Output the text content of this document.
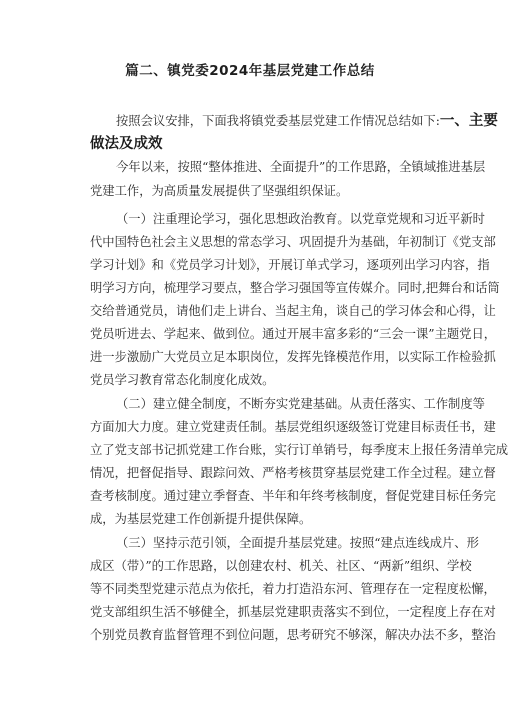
篇二、镇党委2024年基层党建工作总结
按照会议安排，下面我将镇党委基层党建工作情况总结如下:一、主要
做法及成效
今年以来，按照“整体推进、全面提升”的工作思路，全镇域推进基层
党建工作，为高质量发展提供了坚强组织保证。
（一）注重理论学习，强化思想政治教育。以党章党规和习近平新时
代中国特色社会主义思想的常态学习、巩固提升为基础，年初制订《党支部
学习计划》和《党员学习计划》，开展订单式学习，逐项列出学习内容，指
明学习方向，梳理学习要点，整合学习强国等宣传媒介。同时,把舞台和话筒
交给普通党员，请他们走上讲台、当起主角，谈自己的学习体会和心得，让
党员听进去、学起来、做到位。通过开展丰富多彩的“三会一课”主题党日，
进一步激励广大党员立足本职岗位，发挥先锋模范作用，以实际工作检验抓
党员学习教育常态化制度化成效。
（二）建立健全制度，不断夯实党建基础。从责任落实、工作制度等
方面加大力度。建立党建责任制。基层党组织逐级签订党建目标责任书，建
立了党支部书记抓党建工作台账，实行订单销号，每季度末上报任务清单完成
情况，把督促指导、跟踪问效、严格考核贯穿基层党建工作全过程。建立督
查考核制度。通过建立季督查、半年和年终考核制度，督促党建目标任务完
成，为基层党建工作创新提升提供保障。
（三）坚持示范引领，全面提升基层党建。按照“建点连线成片、形
成区（带）”的工作思路，以创建农村、机关、社区、“两新”组织、学校
等不同类型党建示范点为依托，着力打造沿东河、管理存在一定程度松懈，
党支部组织生活不够健全，抓基层党建职责落实不到位，一定程度上存在对
个别党员教育监督管理不到位问题，思考研究不够深，解决办法不多，整治
